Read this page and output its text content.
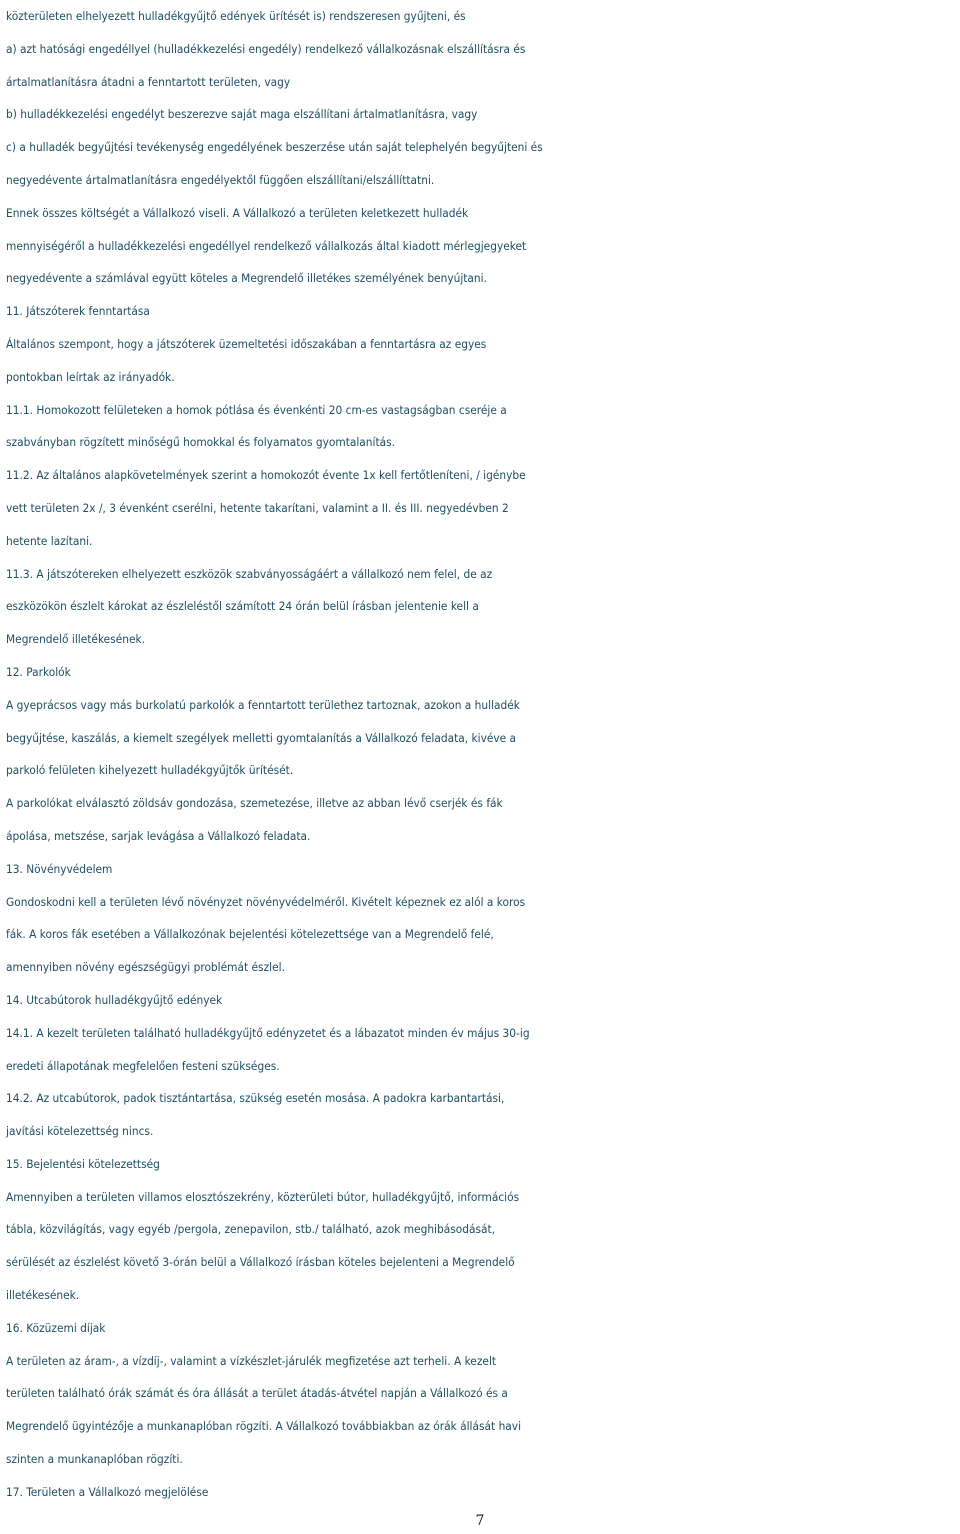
közterületen elhelyezett hulladékgyűjtő edények ürítését is) rendszeresen gyűjteni, és
a) azt hatósági engedéllyel (hulladékkezelési engedély) rendelkező vállalkozásnak elszállításra és
ártalmatlanításra átadni a fenntartott területen, vagy
b) hulladékkezelési engedélyt beszerezve saját maga elszállítani ártalmatlanításra, vagy
c) a hulladék begyűjtési tevékenység engedélyének beszerzése után saját telephelyén begyűjteni és
negyedévente ártalmatlanításra engedélyektől függően elszállítani/elszállíttatni.
Ennek összes költségét a Vállalkozó viseli. A Vállalkozó a területen keletkezett hulladék
mennyiségéről a hulladékkezelési engedéllyel rendelkező vállalkozás által kiadott mérlegjegyeket
negyedévente a számlával együtt köteles a Megrendelő illetékes személyének benyújtani.
11. Játszóterek fenntartása
Általános szempont, hogy a játszóterek üzemeltetési időszakában a fenntartásra az egyes
pontokban leírtak az irányadók.
11.1. Homokozott felületeken a homok pótlása és évenkénti 20 cm-es vastagságban cseréje a
szabványban rögzített minőségű homokkal és folyamatos gyomtalanítás.
11.2. Az általános alapkövetelmények szerint a homokozót évente 1x kell fertőtleníteni, / igénybe
vett területen 2x /, 3 évenként cserélni, hetente takarítani, valamint a II. és III. negyedévben 2
hetente lazítani.
11.3. A játszótereken elhelyezett eszközök szabványosságáért a vállalkozó nem felel, de az
eszközökön észlelt károkat az észleléstől számított 24 órán belül írásban jelentenie kell a
Megrendelő illetékesének.
12. Parkolók
A gyeprácsos vagy más burkolatú parkolók a fenntartott területhez tartoznak, azokon a hulladék
begyűjtése, kaszálás, a kiemelt szegélyek melletti gyomtalanítás a Vállalkozó feladata, kivéve a
parkoló felületen kihelyezett hulladékgyűjtők ürítését.
A parkolókat elválasztó zöldsáv gondozása, szemetezése, illetve az abban lévő cserjék és fák
ápolása, metszése, sarjak levágása a Vállalkozó feladata.
13. Növényvédelem
Gondoskodni kell a területen lévő növényzet növényvédelméről. Kivételt képeznek ez alól a koros
fák. A koros fák esetében a Vállalkozónak bejelentési kötelezettsége van a Megrendelő felé,
amennyiben növény egészségügyi problémát észlel.
14. Utcabútorok hulladékgyűjtő edények
14.1. A kezelt területen található hulladékgyűjtő edényzetet és a lábazatot minden év május 30-ig
eredeti állapotának megfelelően festeni szükséges.
14.2. Az utcabútorok, padok tisztántartása, szükség esetén mosása. A padokra karbantartási,
javítási kötelezettség nincs.
15. Bejelentési kötelezettség
Amennyiben a területen villamos elosztószekrény, közterületi bútor, hulladékgyűjtő, információs
tábla, közvilágítás, vagy egyéb /pergola, zenepavilon, stb./ található, azok meghibásodását,
sérülését az észlelést követő 3-órán belül a Vállalkozó írásban köteles bejelenteni a Megrendelő
illetékesének.
16. Közüzemi díjak
A területen az áram-, a vízdíj-, valamint a vízkészlet-járulék megfizetése azt terheli. A kezelt
területen található órák számát és óra állását a terület átadás-átvétel napján a Vállalkozó és a
Megrendelő ügyintézője a munkanaplóban rögzíti. A Vállalkozó továbbiakban az órák állását havi
szinten a munkanaplóban rögzíti.
17. Területen a Vállalkozó megjelölése
7
